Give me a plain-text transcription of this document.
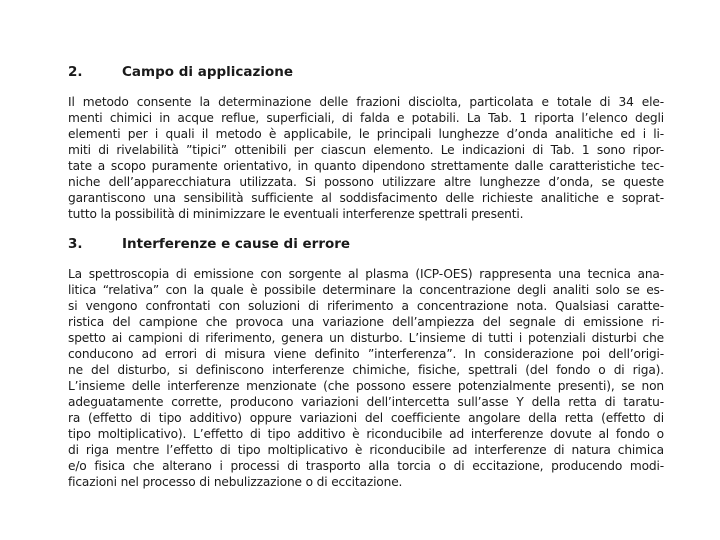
2.	Campo di applicazione
Il metodo consente la determinazione delle frazioni disciolta, particolata e totale di 34 ele-
menti chimici in acque reflue, superficiali, di falda e potabili. La Tab. 1 riporta l’elenco degli
elementi per i quali il metodo è applicabile, le principali lunghezze d’onda analitiche ed i li-
miti di rivelabilità ”tipici” ottenibili per ciascun elemento. Le indicazioni di Tab. 1 sono ripor-
tate a scopo puramente orientativo, in quanto dipendono strettamente dalle caratteristiche tec-
niche dell’apparecchiatura utilizzata. Si possono utilizzare altre lunghezze d’onda, se queste
garantiscono una sensibilità sufficiente al soddisfacimento delle richieste analitiche e soprat-
tutto la possibilità di minimizzare le eventuali interferenze spettrali presenti.
3.	Interferenze e cause di errore
La spettroscopia di emissione con sorgente al plasma (ICP-OES) rappresenta una tecnica ana-
litica “relativa” con la quale è possibile determinare la concentrazione degli analiti solo se es-
si vengono confrontati con soluzioni di riferimento a concentrazione nota. Qualsiasi caratte-
ristica del campione che provoca una variazione dell’ampiezza del segnale di emissione ri-
spetto ai campioni di riferimento, genera un disturbo. L’insieme di tutti i potenziali disturbi che
conducono ad errori di misura viene definito ”interferenza”. In considerazione poi dell’origi-
ne del disturbo, si definiscono interferenze chimiche, fisiche, spettrali (del fondo o di riga).
L’insieme delle interferenze menzionate (che possono essere potenzialmente presenti), se non
adeguatamente corrette, producono variazioni dell’intercetta sull’asse Y della retta di taratu-
ra (effetto di tipo additivo) oppure variazioni del coefficiente angolare della retta (effetto di
tipo moltiplicativo). L’effetto di tipo additivo è riconducibile ad interferenze dovute al fondo o
di riga mentre l’effetto di tipo moltiplicativo è riconducibile ad interferenze di natura chimica
e/o fisica che alterano i processi di trasporto alla torcia o di eccitazione, producendo modi-
ficazioni nel processo di nebulizzazione o di eccitazione.
